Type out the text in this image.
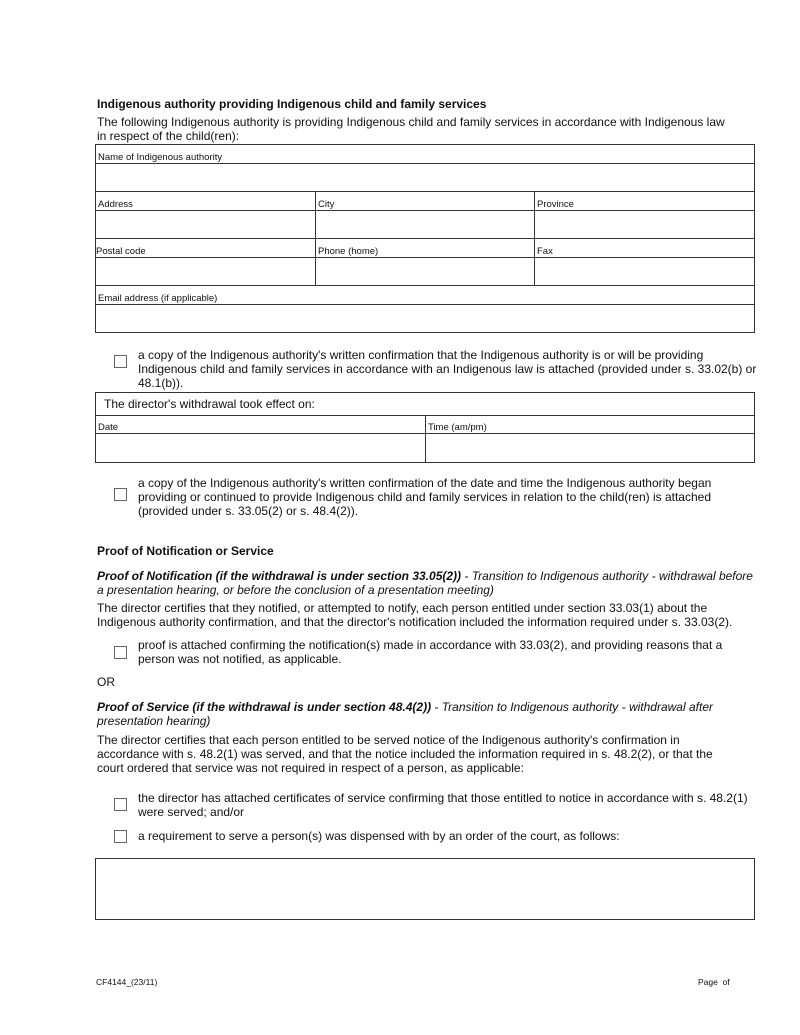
Indigenous authority providing Indigenous child and family services
The following Indigenous authority is providing Indigenous child and family services in accordance with Indigenous law in respect of the child(ren):
Name of Indigenous authority
Address	City	Province
Postal code	Phone (home)	Fax
Email address (if applicable)
a copy of the Indigenous authority's written confirmation that the Indigenous authority is or will be providing Indigenous child and family services in accordance with an Indigenous law is attached (provided under s. 33.02(b) or 48.1(b)).
The director's withdrawal took effect on:
Date	Time (am/pm)
a copy of the Indigenous authority's written confirmation of the date and time the Indigenous authority began providing or continued to provide Indigenous child and family services in relation to the child(ren) is attached (provided under s. 33.05(2) or s. 48.4(2)).
Proof of Notification or Service
Proof of Notification (if the withdrawal is under section 33.05(2)) - Transition to Indigenous authority - withdrawal before a presentation hearing, or before the conclusion of a presentation meeting)
The director certifies that they notified, or attempted to notify, each person entitled under section 33.03(1) about the Indigenous authority confirmation, and that the director's notification included the information required under s. 33.03(2).
proof is attached confirming the notification(s) made in accordance with 33.03(2), and providing reasons that a person was not notified, as applicable.
OR
Proof of Service (if the withdrawal is under section 48.4(2)) - Transition to Indigenous authority - withdrawal after presentation hearing)
The director certifies that each person entitled to be served notice of the Indigenous authority's confirmation in accordance with s. 48.2(1) was served, and that the notice included the information required in s. 48.2(2), or that the court ordered that service was not required in respect of a person, as applicable:
the director has attached certificates of service confirming that those entitled to notice in accordance with s. 48.2(1) were served; and/or
a requirement to serve a person(s) was dispensed with by an order of the court, as follows:
CF4144_(23/11)	Page  of
